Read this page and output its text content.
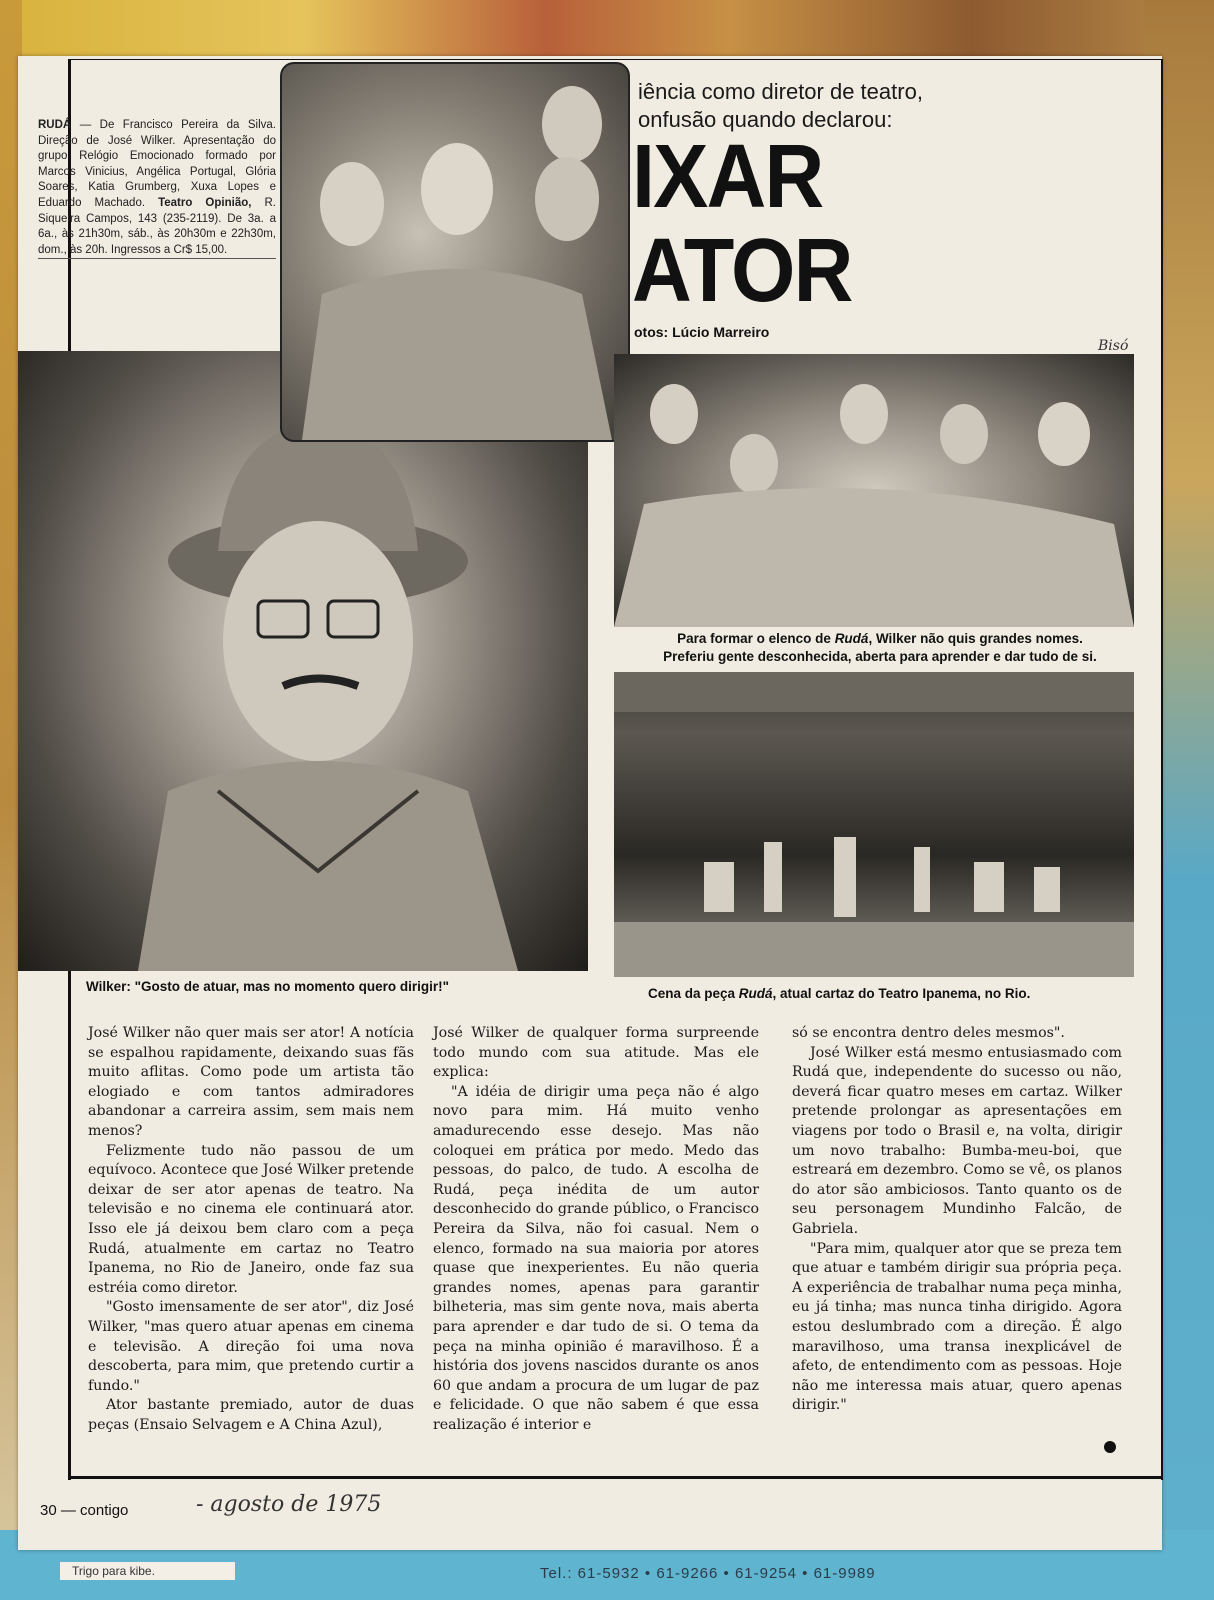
Trigo para kibe.	Tel.: 61-5932 • 61-9266 • 61-9254 • 61-9989
RUDÁ — De Francisco Pereira da Silva. Direção de José Wilker. Apresentação do grupo Relógio Emocionado formado por Marcos Vinicius, Angélica Portugal, Glória Soares, Katia Grumberg, Xuxa Lopes e Eduardo Machado. Teatro Opinião, R. Siqueira Campos, 143 (235-2119). De 3a. a 6a., às 21h30m, sáb., às 20h30m e 22h30m, dom., às 20h. Ingressos a Cr$ 15,00.
iência como diretor de teatro,
onfusão quando declarou:
IXAR
ATOR
otos: Lúcio Marreiro
Bisó
Para formar o elenco de Rudá, Wilker não quis grandes nomes.
Preferiu gente desconhecida, aberta para aprender e dar tudo de si.
Wilker: "Gosto de atuar, mas no momento quero dirigir!"	Cena da peça Rudá, atual cartaz do Teatro Ipanema, no Rio.

José Wilker não quer mais ser ator! A notícia se espalhou rapidamente, deixando suas fãs muito aflitas. Como pode um artista tão elogiado e com tantos admiradores abandonar a carreira assim, sem mais nem menos?

Felizmente tudo não passou de um equívoco. Acontece que José Wilker pretende deixar de ser ator apenas de teatro. Na televisão e no cinema ele continuará ator. Isso ele já deixou bem claro com a peça Rudá, atualmente em cartaz no Teatro Ipanema, no Rio de Janeiro, onde faz sua estréia como diretor.

"Gosto imensamente de ser ator", diz José Wilker, "mas quero atuar apenas em cinema e televisão. A direção foi uma nova descoberta, para mim, que pretendo curtir a fundo."

Ator bastante premiado, autor de duas peças (Ensaio Selvagem e A China Azul),

José Wilker de qualquer forma surpreende todo mundo com sua atitude. Mas ele explica:

"A idéia de dirigir uma peça não é algo novo para mim. Há muito venho amadurecendo esse desejo. Mas não coloquei em prática por medo. Medo das pessoas, do palco, de tudo. A escolha de Rudá, peça inédita de um autor desconhecido do grande público, o Francisco Pereira da Silva, não foi casual. Nem o elenco, formado na sua maioria por atores quase que inexperientes. Eu não queria grandes nomes, apenas para garantir bilheteria, mas sim gente nova, mais aberta para aprender e dar tudo de si. O tema da peça na minha opinião é maravilhoso. É a história dos jovens nascidos durante os anos 60 que andam a procura de um lugar de paz e felicidade. O que não sabem é que essa realização é interior e

só se encontra dentro deles mesmos".

José Wilker está mesmo entusiasmado com Rudá que, independente do sucesso ou não, deverá ficar quatro meses em cartaz. Wilker pretende prolongar as apresentações em viagens por todo o Brasil e, na volta, dirigir um novo trabalho: Bumba-meu-boi, que estreará em dezembro. Como se vê, os planos do ator são ambiciosos. Tanto quanto os de seu personagem Mundinho Falcão, de Gabriela.

"Para mim, qualquer ator que se preza tem que atuar e também dirigir sua própria peça. A experiência de trabalhar numa peça minha, eu já tinha; mas nunca tinha dirigido. Agora estou deslumbrado com a direção. É algo maravilhoso, uma transa inexplicável de afeto, de entendimento com as pessoas. Hoje não me interessa mais atuar, quero apenas dirigir."

30 — contigo	- agosto de 1975
